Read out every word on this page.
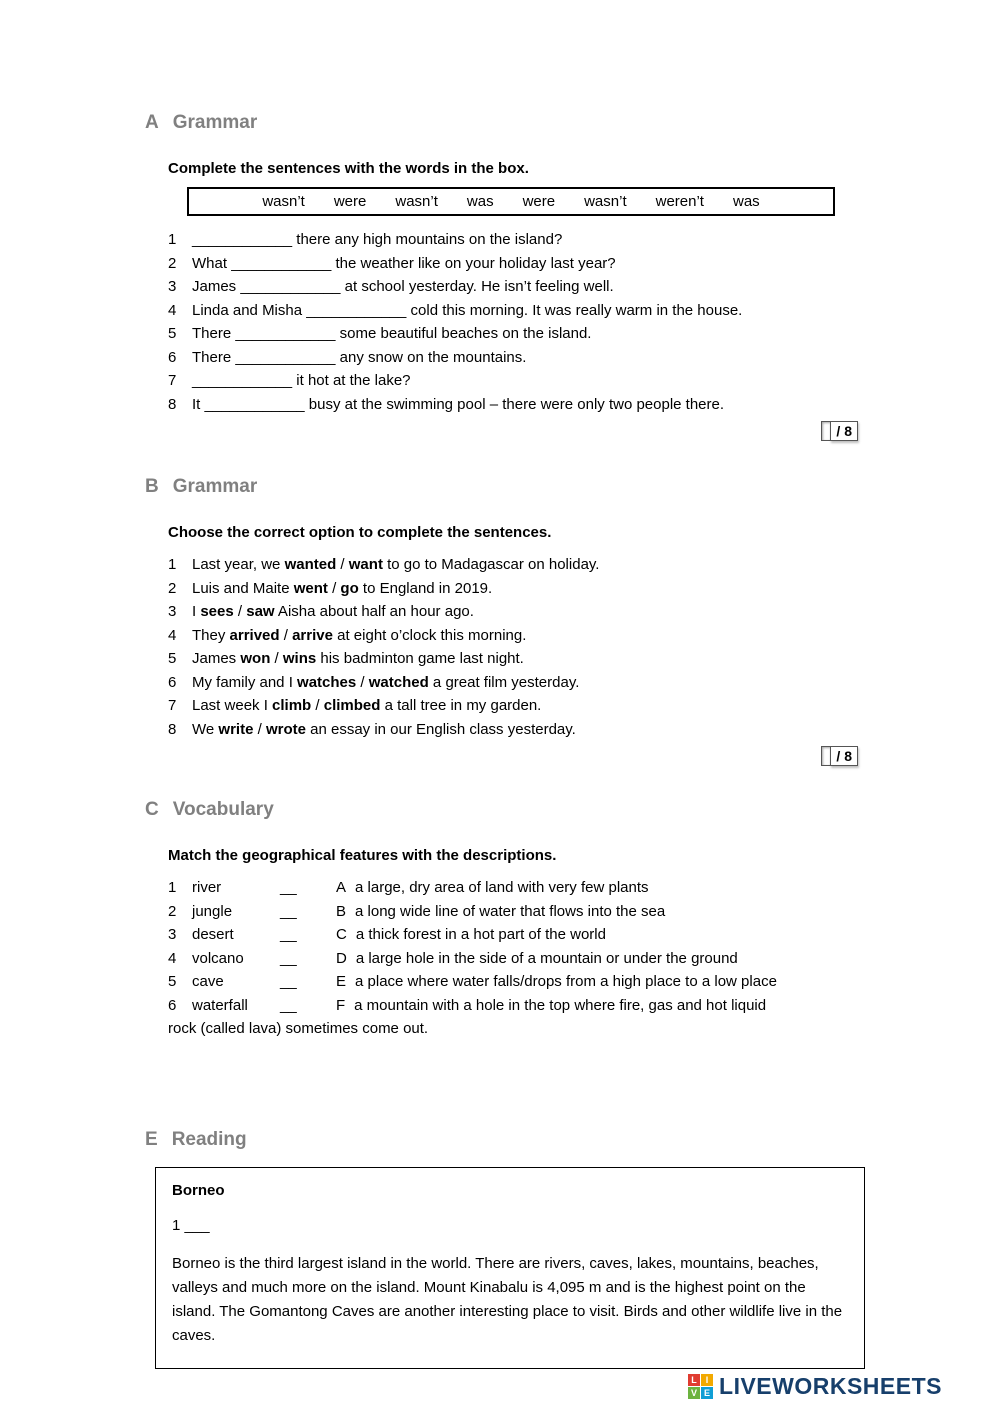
A Grammar

Complete the sentences with the words in the box.

wasn’t were wasn’t was were wasn’t weren’t was
1	____________ there any high mountains on the island?
2	What ____________ the weather like on your holiday last year?
3	James ____________ at school yesterday. He isn’t feeling well.
4	Linda and Misha ____________ cold this morning. It was really warm in the house.
5	There ____________ some beautiful beaches on the island.
6	There ____________ any snow on the mountains.
7	____________ it hot at the lake?
8	It ____________ busy at the swimming pool – there were only two people there.
/ 8
B Grammar

Choose the correct option to complete the sentences.

1	Last year, we wanted / want to go to Madagascar on holiday.
2	Luis and Maite went / go to England in 2019.
3	I sees / saw Aisha about half an hour ago.
4	They arrived / arrive at eight o’clock this morning.
5	James won / wins his badminton game last night.
6	My family and I watches / watched a great film yesterday.
7	Last week I climb / climbed a tall tree in my garden.
8	We write / wrote an essay in our English class yesterday.
/ 8
C Vocabulary

Match the geographical features with the descriptions.

1	river	__	A a large, dry area of land with very few plants
2	jungle	__	B a long wide line of water that flows into the sea
3	desert	__	C a thick forest in a hot part of the world
4	volcano	__	D a large hole in the side of a mountain or under the ground
5	cave	__	E a place where water falls/drops from a high place to a low place
6	waterfall	__	F a mountain with a hole in the top where fire, gas and hot liquid
rock (called lava) sometimes come out.
E Reading

Borneo

1 ___

Borneo is the third largest island in the world. There are rivers, caves, lakes, mountains, beaches, valleys and much more on the island. Mount Kinabalu is 4,095 m and is the highest point on the island. The Gomantong Caves are another interesting place to visit. Birds and other wildlife live in the caves.

L I
V E LIVEWORKSHEETS
